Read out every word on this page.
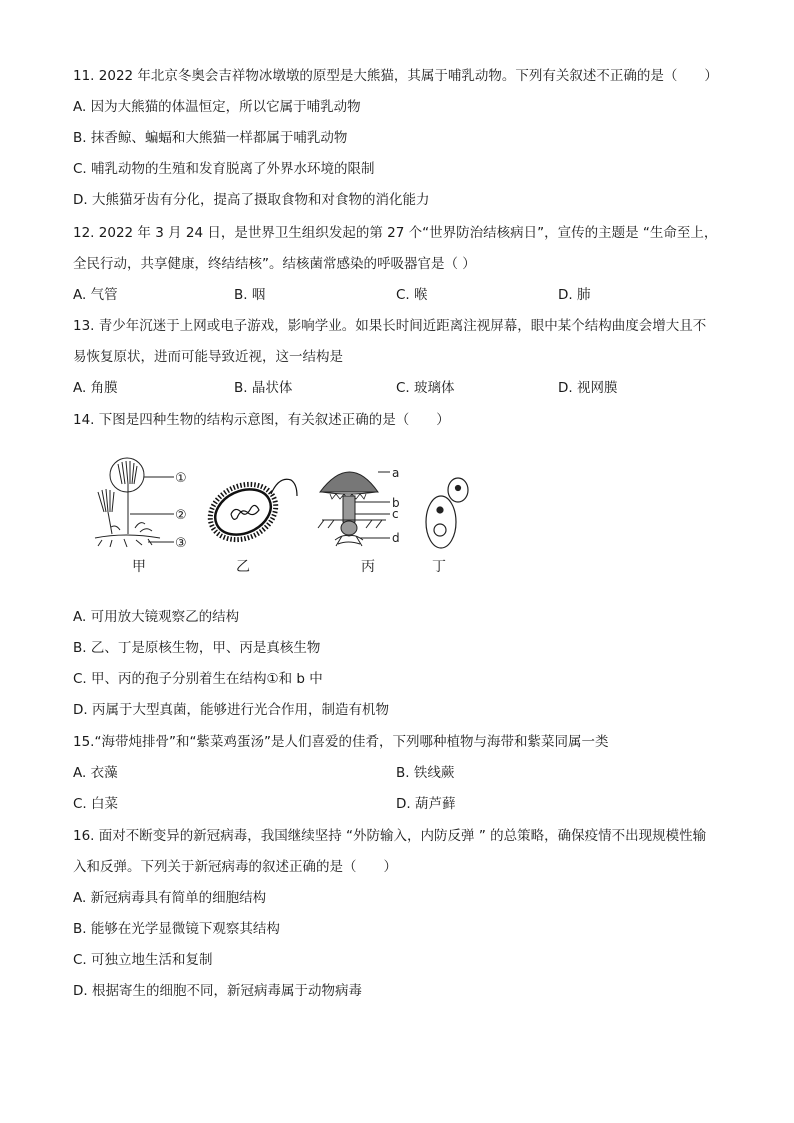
11. 2022 年北京冬奥会吉祥物冰墩墩的原型是大熊猫，其属于哺乳动物。下列有关叙述不正确的是（　　）
A. 因为大熊猫的体温恒定，所以它属于哺乳动物
B. 抹香鲸、蝙蝠和大熊猫一样都属于哺乳动物
C. 哺乳动物的生殖和发育脱离了外界水环境的限制
D. 大熊猫牙齿有分化，提高了摄取食物和对食物的消化能力
12. 2022 年 3 月 24 日，是世界卫生组织发起的第 27 个“世界防治结核病日”，宣传的主题是 “生命至上，
全民行动，共享健康，终结结核”。结核菌常感染的呼吸器官是（ ）
A. 气管	B. 咽	C. 喉	D. 肺
13. 青少年沉迷于上网或电子游戏，影响学业。如果长时间近距离注视屏幕，眼中某个结构曲度会增大且不
易恢复原状，进而可能导致近视，这一结构是
A. 角膜	B. 晶状体	C. 玻璃体	D. 视网膜
14. 下图是四种生物的结构示意图，有关叙述正确的是（　　）
①
②
③
a
b
c
d
甲	乙	丙	丁
A. 可用放大镜观察乙的结构
B. 乙、丁是原核生物，甲、丙是真核生物
C. 甲、丙的孢子分别着生在结构①和 b 中
D. 丙属于大型真菌，能够进行光合作用，制造有机物
15.“海带炖排骨”和“紫菜鸡蛋汤”是人们喜爱的佳肴，下列哪种植物与海带和紫菜同属一类
A. 衣藻	B. 铁线蕨
C. 白菜	D. 葫芦藓
16. 面对不断变异的新冠病毒，我国继续坚持 “外防输入，内防反弹 ” 的总策略，确保疫情不出现规模性输
入和反弹。下列关于新冠病毒的叙述正确的是（　　）
A. 新冠病毒具有简单的细胞结构
B. 能够在光学显微镜下观察其结构
C. 可独立地生活和复制
D. 根据寄生的细胞不同，新冠病毒属于动物病毒
